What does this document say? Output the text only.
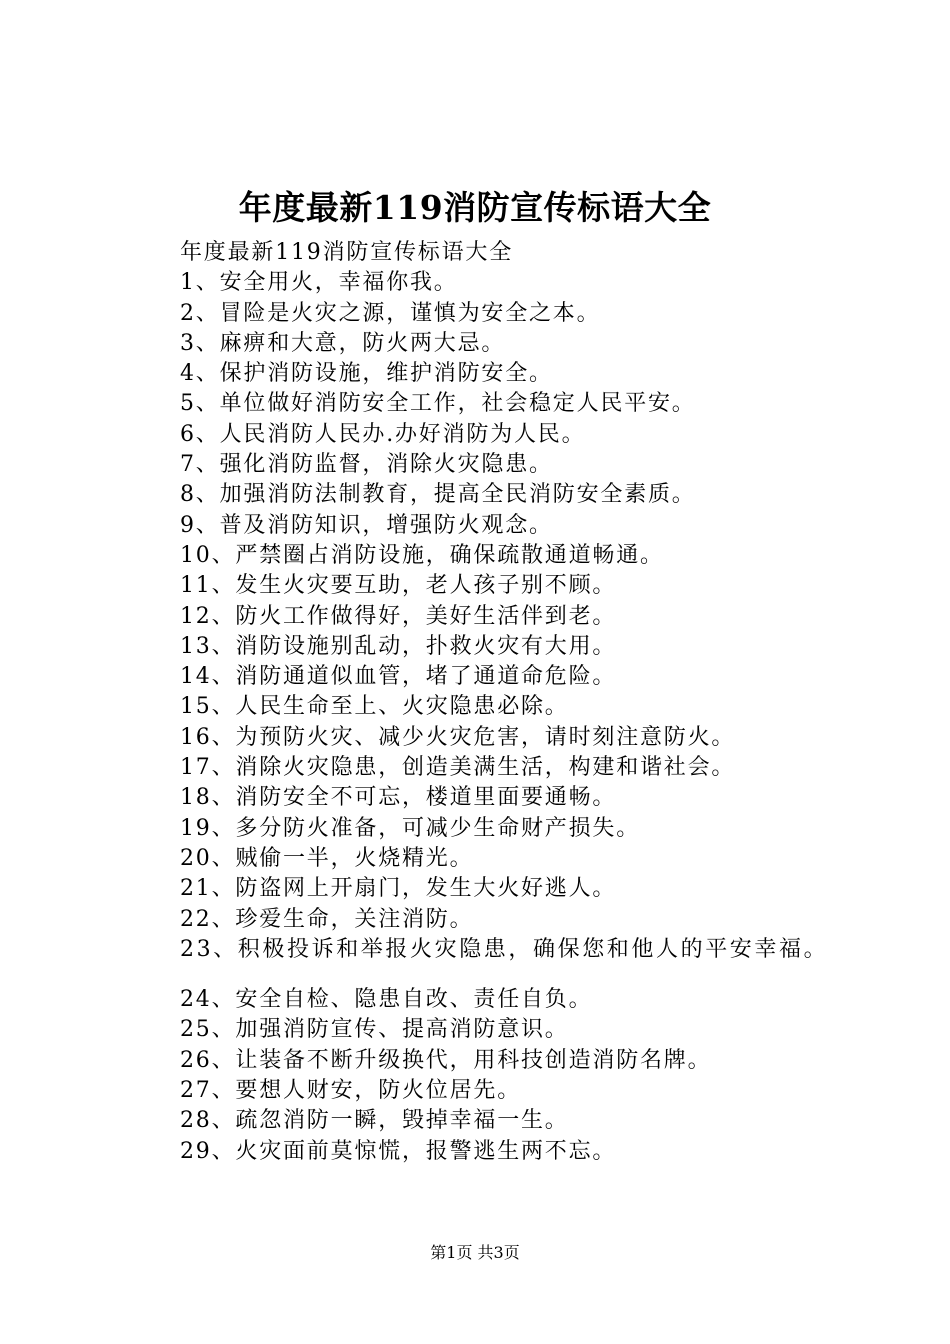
年度最新119消防宣传标语大全
年度最新119消防宣传标语大全
1、安全用火，幸福你我。
2、冒险是火灾之源，谨慎为安全之本。
3、麻痹和大意，防火两大忌。
4、保护消防设施，维护消防安全。
5、单位做好消防安全工作，社会稳定人民平安。
6、人民消防人民办.办好消防为人民。
7、强化消防监督，消除火灾隐患。
8、加强消防法制教育，提高全民消防安全素质。
9、普及消防知识，增强防火观念。
10、严禁圈占消防设施，确保疏散通道畅通。
11、发生火灾要互助，老人孩子别不顾。
12、防火工作做得好，美好生活伴到老。
13、消防设施别乱动，扑救火灾有大用。
14、消防通道似血管，堵了通道命危险。
15、人民生命至上、火灾隐患必除。
16、为预防火灾、减少火灾危害，请时刻注意防火。
17、消除火灾隐患，创造美满生活，构建和谐社会。
18、消防安全不可忘，楼道里面要通畅。
19、多分防火准备，可减少生命财产损失。
20、贼偷一半，火烧精光。
21、防盗网上开扇门，发生大火好逃人。
22、珍爱生命，关注消防。
23、积极投诉和举报火灾隐患，确保您和他人的平安幸福。
24、安全自检、隐患自改、责任自负。
25、加强消防宣传、提高消防意识。
26、让装备不断升级换代，用科技创造消防名牌。
27、要想人财安，防火位居先。
28、疏忽消防一瞬，毁掉幸福一生。
29、火灾面前莫惊慌，报警逃生两不忘。
第1页 共3页
